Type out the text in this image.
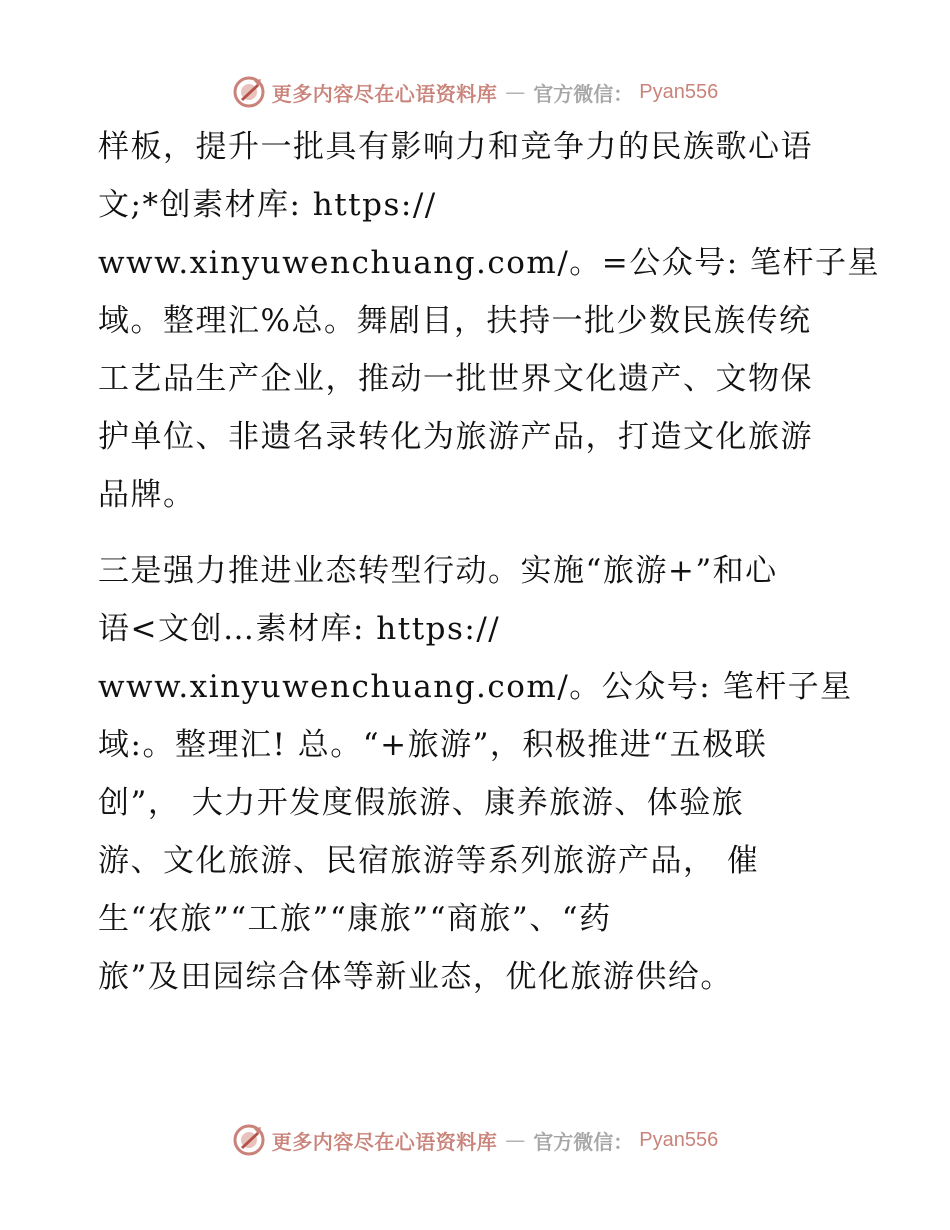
更多内容尽在心语资料库 — 官方微信： Pyan556
样板，提升一批具有影响力和竞争力的民族歌心语
文;*创素材库: https://
www.xinyuwenchuang.com/。=公众号: 笔杆子星
域。整理汇%总。舞剧目，扶持一批少数民族传统
工艺品生产企业，推动一批世界文化遗产、文物保
护单位、非遗名录转化为旅游产品，打造文化旅游
品牌。
三是强力推进业态转型行动。实施“旅游+”和心
语<文创…素材库: https://
www.xinyuwenchuang.com/。公众号: 笔杆子星
域:。整理汇! 总。“+旅游”，积极推进“五极联
创”， 大力开发度假旅游、康养旅游、体验旅
游、文化旅游、民宿旅游等系列旅游产品， 催
生“农旅”“工旅”“康旅”“商旅”、“药
旅”及田园综合体等新业态，优化旅游供给。
更多内容尽在心语资料库 — 官方微信： Pyan556
